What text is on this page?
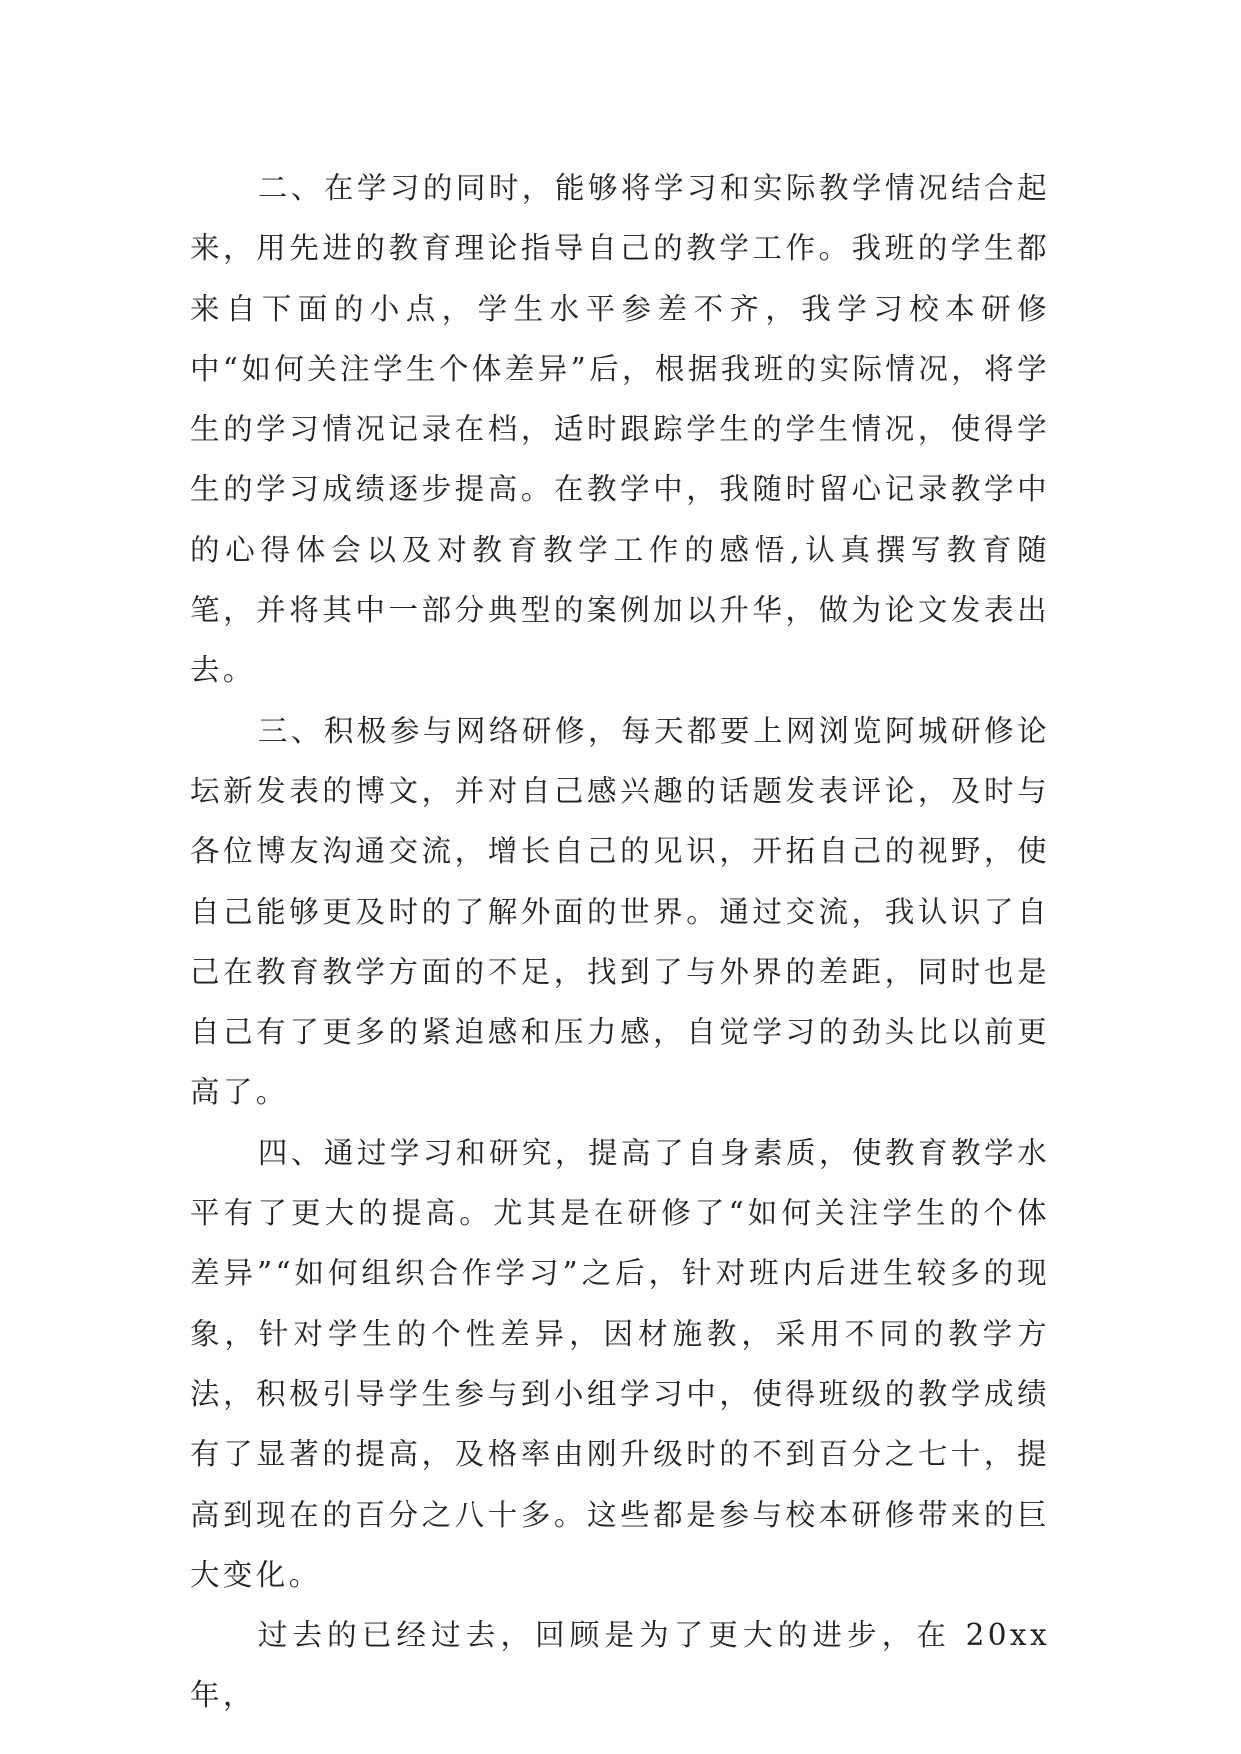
二、在学习的同时，能够将学习和实际教学情况结合起来，用先进的教育理论指导自己的教学工作。我班的学生都来自下面的小点，学生水平参差不齐，我学习校本研修中“如何关注学生个体差异”后，根据我班的实际情况，将学生的学习情况记录在档，适时跟踪学生的学生情况，使得学生的学习成绩逐步提高。在教学中，我随时留心记录教学中的心得体会以及对教育教学工作的感悟,认真撰写教育随笔，并将其中一部分典型的案例加以升华，做为论文发表出去。

三、积极参与网络研修，每天都要上网浏览阿城研修论坛新发表的博文，并对自己感兴趣的话题发表评论，及时与各位博友沟通交流，增长自己的见识，开拓自己的视野，使自己能够更及时的了解外面的世界。通过交流，我认识了自己在教育教学方面的不足，找到了与外界的差距，同时也是自己有了更多的紧迫感和压力感，自觉学习的劲头比以前更高了。

四、通过学习和研究，提高了自身素质，使教育教学水平有了更大的提高。尤其是在研修了“如何关注学生的个体差异”“如何组织合作学习”之后，针对班内后进生较多的现象，针对学生的个性差异，因材施教，采用不同的教学方法，积极引导学生参与到小组学习中，使得班级的教学成绩有了显著的提高，及格率由刚升级时的不到百分之七十，提高到现在的百分之八十多。这些都是参与校本研修带来的巨大变化。

过去的已经过去，回顾是为了更大的进步，在 20xx 年，
